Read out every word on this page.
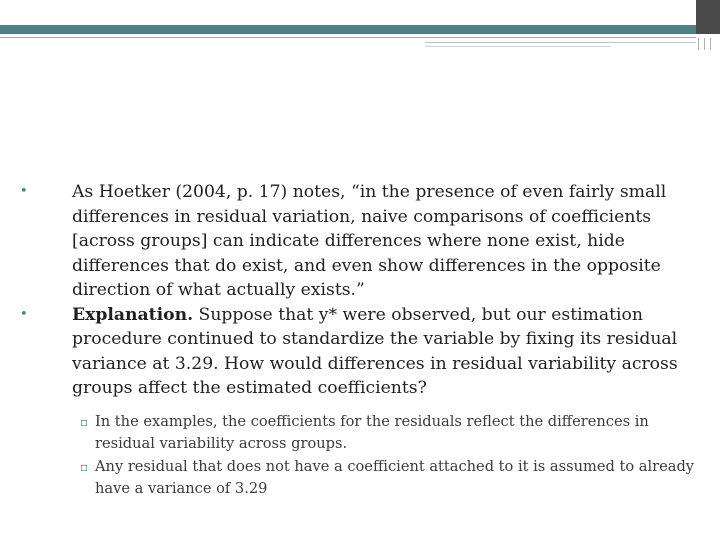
•	As Hoetker (2004, p. 17) notes, “in the presence of even fairly small differences in residual variation, naive comparisons of coefficients [across groups] can indicate differences where none exist, hide differences that do exist, and even show differences in the opposite direction of what actually exists.”

•	Explanation. Suppose that y* were observed, but our estimation procedure continued to standardize the variable by fixing its residual variance at 3.29. How would differences in residual variability across groups affect the estimated coefficients?

▫ In the examples, the coefficients for the residuals reflect the differences in residual variability across groups.

▫ Any residual that does not have a coefficient attached to it is assumed to already have a variance of 3.29
